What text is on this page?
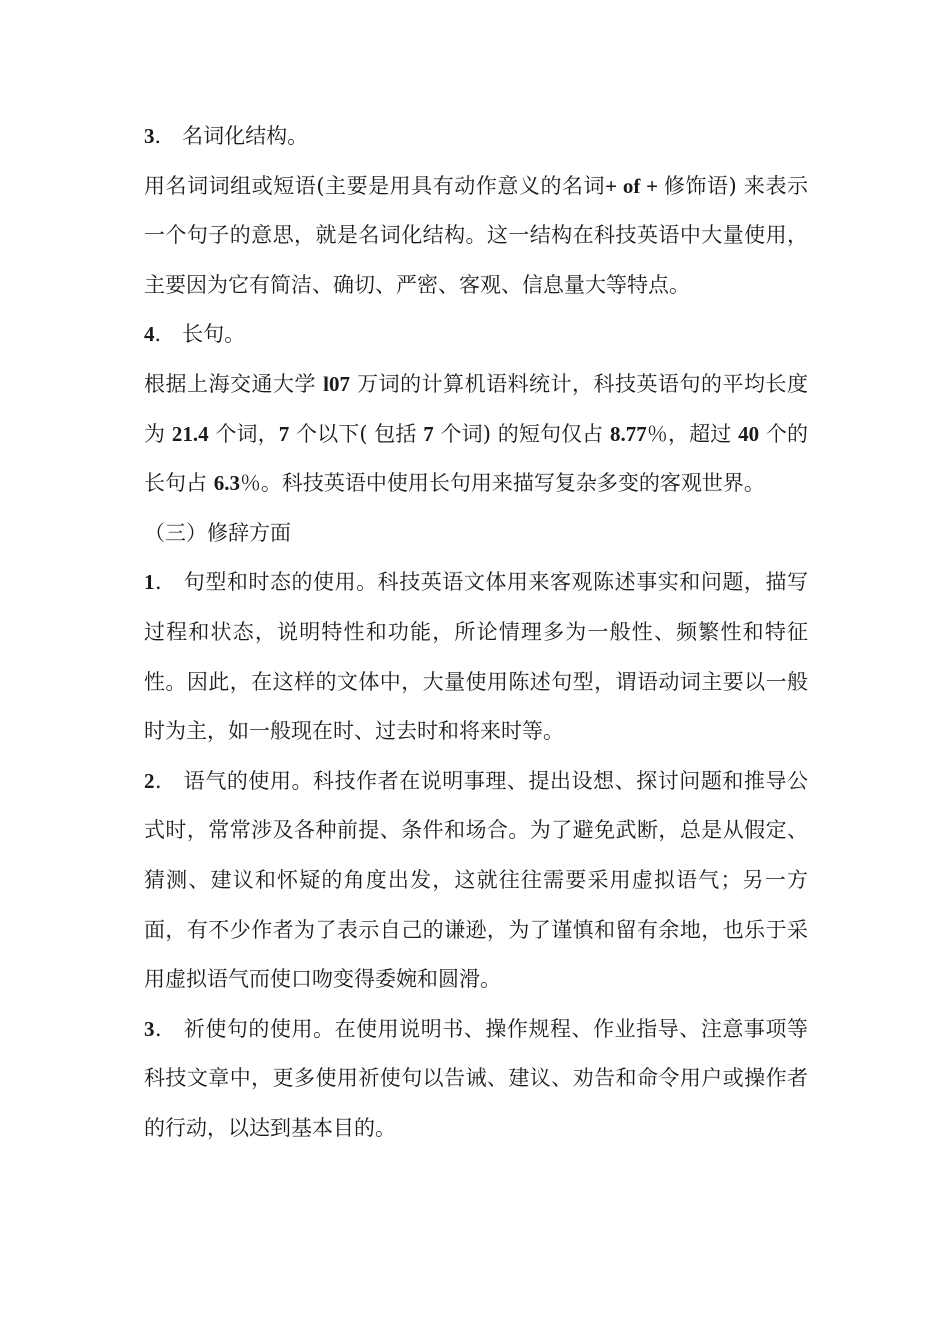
3． 名词化结构。

用名词词组或短语(主要是用具有动作意义的名词+ of + 修饰语) 来表示一个句子的意思，就是名词化结构。这一结构在科技英语中大量使用，主要因为它有简洁、确切、严密、客观、信息量大等特点。

4． 长句。

根据上海交通大学 l07 万词的计算机语料统计，科技英语句的平均长度为 21.4 个词，7 个以下( 包括 7 个词) 的短句仅占 8.77％，超过 40 个的长句占 6.3％。科技英语中使用长句用来描写复杂多变的客观世界。

（三）修辞方面

1． 句型和时态的使用。科技英语文体用来客观陈述事实和问题，描写过程和状态，说明特性和功能，所论情理多为一般性、频繁性和特征性。因此，在这样的文体中，大量使用陈述句型，谓语动词主要以一般时为主，如一般现在时、过去时和将来时等。

2． 语气的使用。科技作者在说明事理、提出设想、探讨问题和推导公式时，常常涉及各种前提、条件和场合。为了避免武断，总是从假定、猜测、建议和怀疑的角度出发，这就往往需要采用虚拟语气；另一方面，有不少作者为了表示自己的谦逊，为了谨慎和留有余地，也乐于采用虚拟语气而使口吻变得委婉和圆滑。

3． 祈使句的使用。在使用说明书、操作规程、作业指导、注意事项等科技文章中，更多使用祈使句以告诫、建议、劝告和命令用户或操作者的行动，以达到基本目的。
